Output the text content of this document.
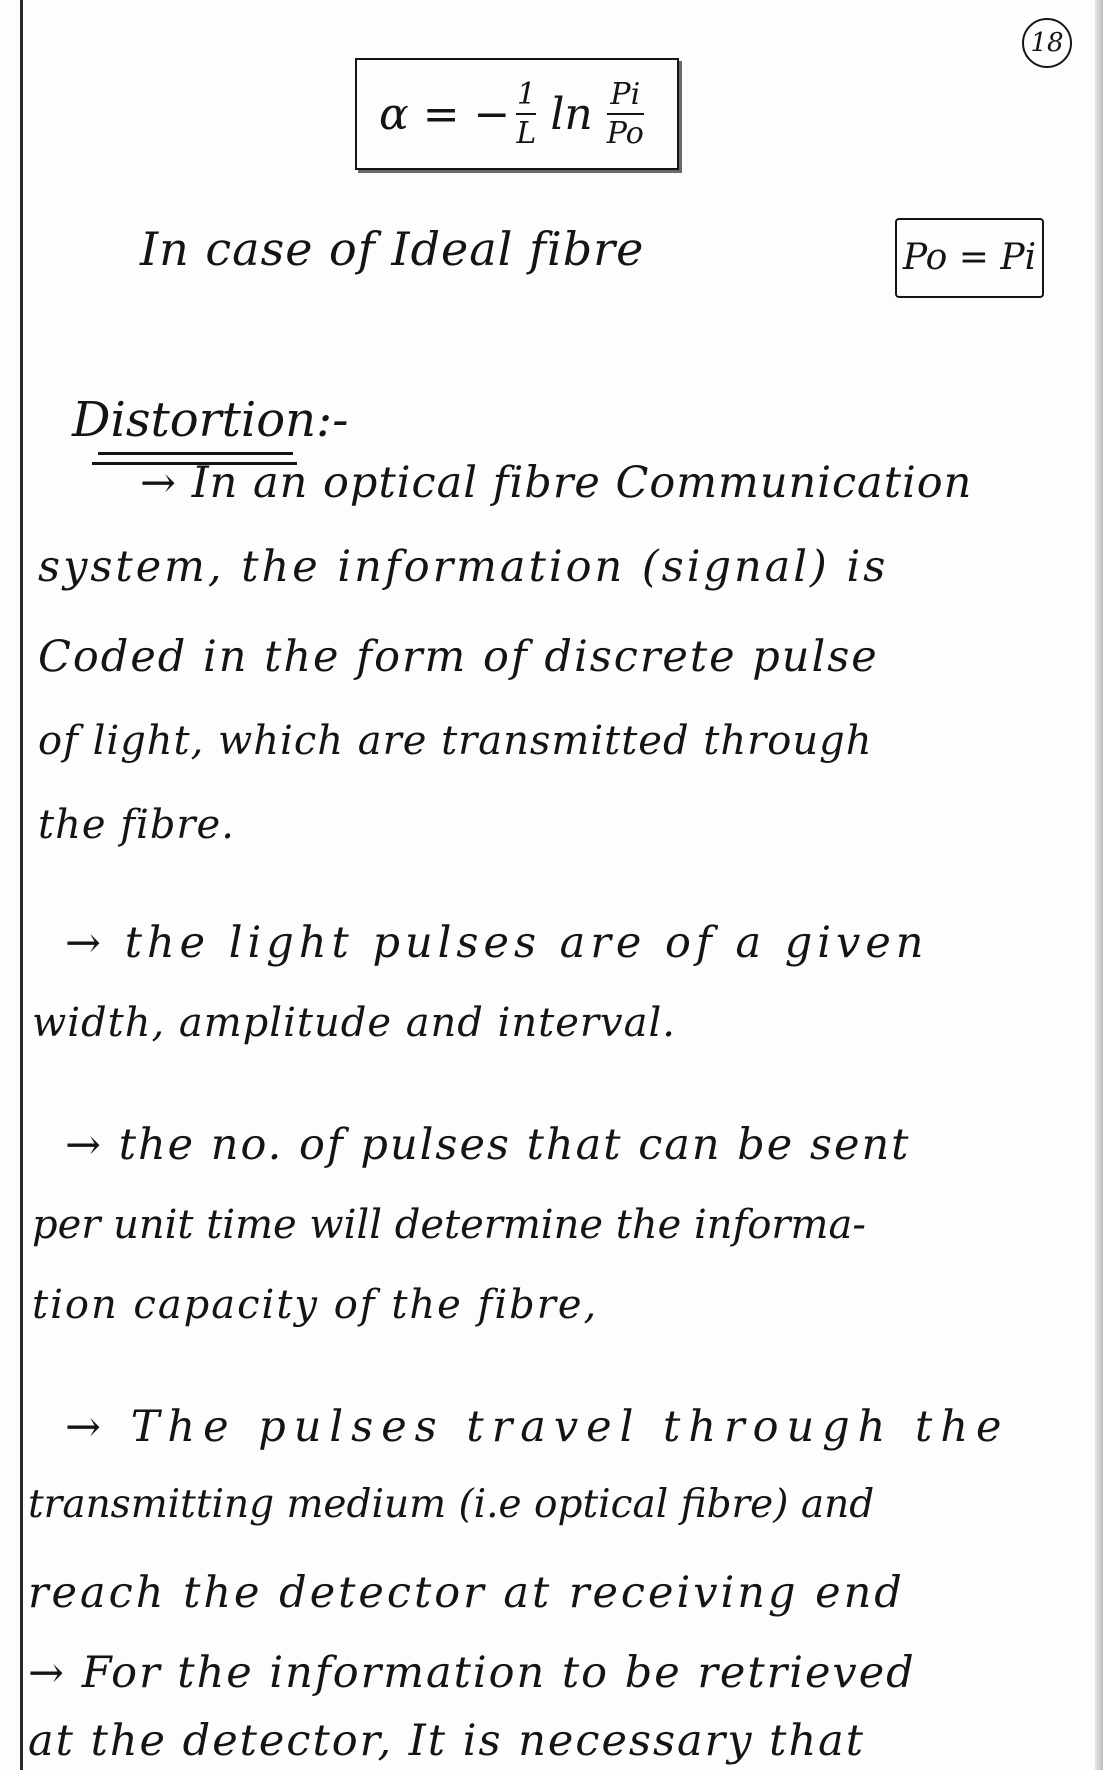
18
α = − $\frac{1}{L}$ $\ln \frac{Pi}{Po}$
In case of Ideal fibre	Po = Pi
Distortion:-
→ In an optical fibre Communication
system, the information (signal) is
Coded in the form of discrete pulse
of light, which are transmitted through
the fibre.
→ the light pulses are of a given
width, amplitude and interval.
→ the no. of pulses that can be sent
per unit time will determine the informa-
tion capacity of the fibre,
→ The pulses travel through the
transmitting medium (i.e optical fibre) and
reach the detector at receiving end
→ For the information to be retrieved
at the detector, It is necessary that
